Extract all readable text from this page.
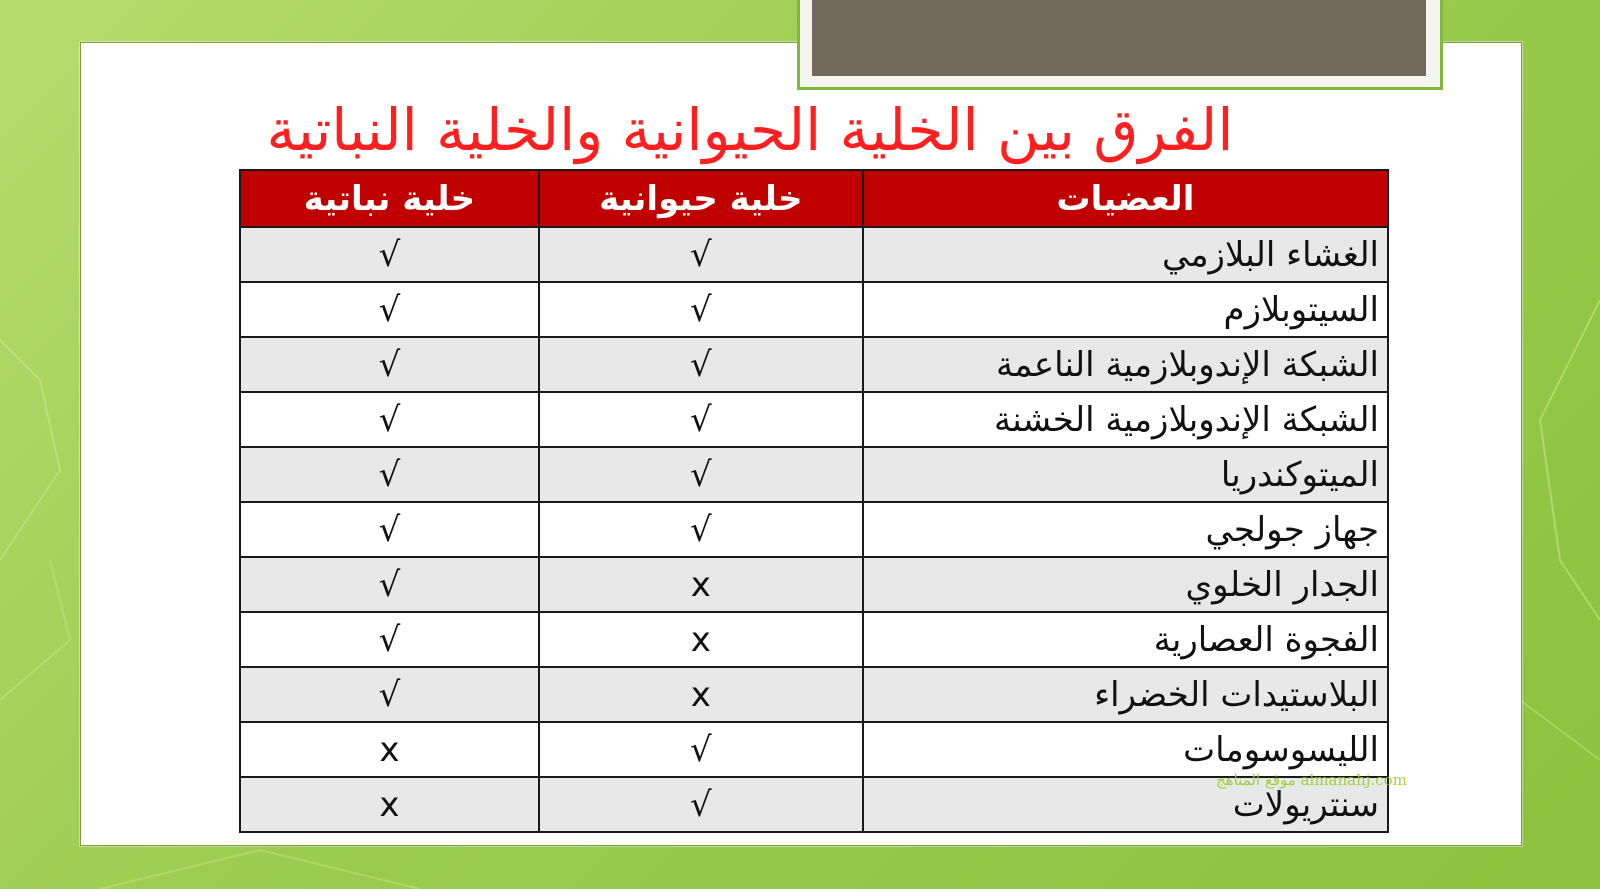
الفرق بين الخلية الحيوانية والخلية النباتية
العضيات	خلية حيوانية	خلية نباتية
الغشاء البلازمي	√	√
السيتوبلازم	√	√
الشبكة الإندوبلازمية الناعمة	√	√
الشبكة الإندوبلازمية الخشنة	√	√
الميتوكندريا	√	√
جهاز جولجي	√	√
الجدار الخلوي	x	√
الفجوة العصارية	x	√
البلاستيدات الخضراء	x	√
الليسوسومات	√	x
سنتريولات	√	x
موقع المناهج almanahj.com
